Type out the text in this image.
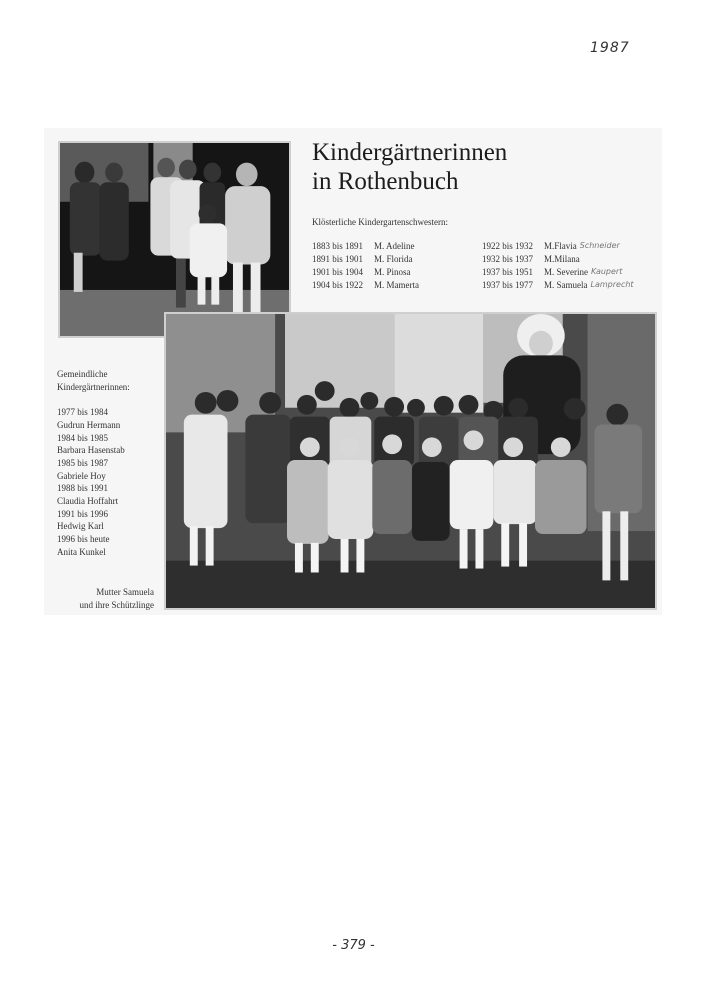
1987
Kindergärtnerinnen
in Rothenbuch
Klösterliche Kindergartenschwestern:
1883 bis 1891	M. Adeline	1922 bis 1932	M.Flavia Schneider
1891 bis 1901	M. Florida	1932 bis 1937	M.Milana
1901 bis 1904	M. Pinosa	1937 bis 1951	M. Severine Kaupert
1904 bis 1922	M. Mamerta	1937 bis 1977	M. Samuela Lamprecht
Gemeindliche
Kindergärtnerinnen:
1977 bis 1984
Gudrun Hermann
1984 bis 1985
Barbara Hasenstab
1985 bis 1987
Gabriele Hoy
1988 bis 1991
Claudia Hoffahrt
1991 bis 1996
Hedwig Karl
1996 bis heute
Anita Kunkel
Mutter Samuela
und ihre Schützlinge
- 379 -
